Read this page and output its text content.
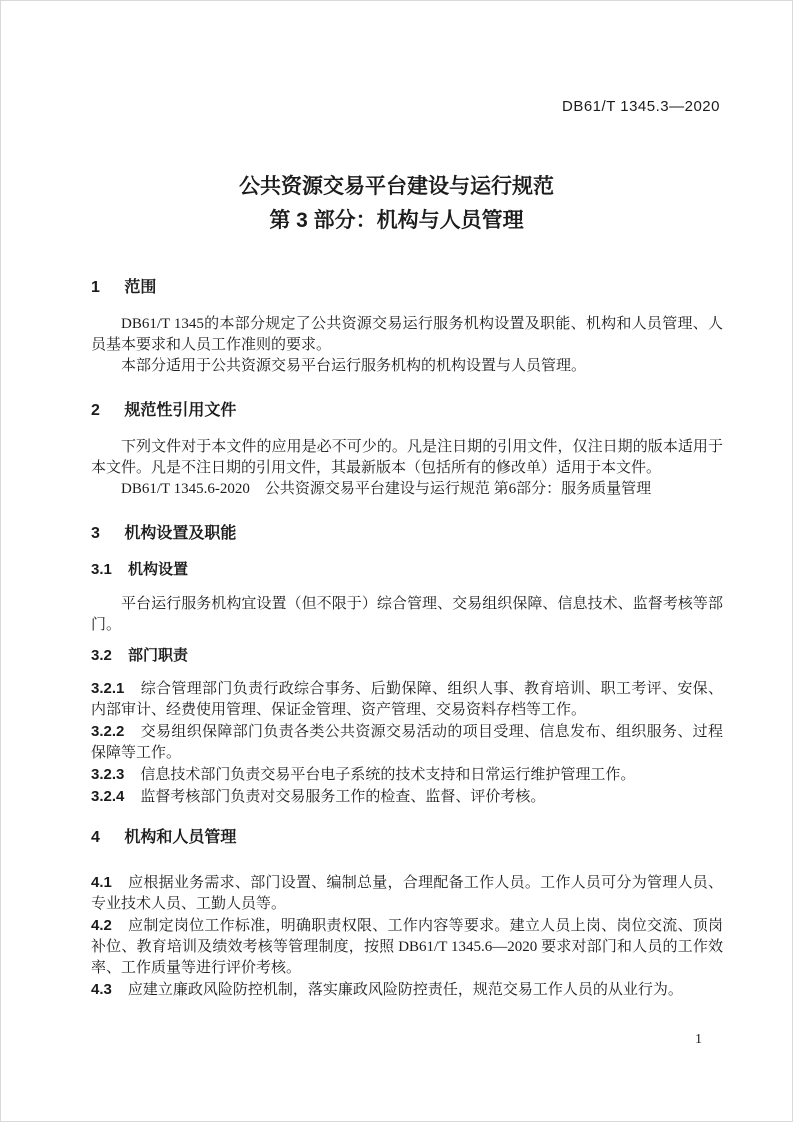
DB61/T 1345.3—2020
公共资源交易平台建设与运行规范
第 3 部分：机构与人员管理
1 范围

DB61/T 1345的本部分规定了公共资源交易运行服务机构设置及职能、机构和人员管理、人员基本要求和人员工作准则的要求。

本部分适用于公共资源交易平台运行服务机构的机构设置与人员管理。

2 规范性引用文件

下列文件对于本文件的应用是必不可少的。凡是注日期的引用文件，仅注日期的版本适用于本文件。凡是不注日期的引用文件，其最新版本（包括所有的修改单）适用于本文件。

DB61/T 1345.6-2020　公共资源交易平台建设与运行规范 第6部分：服务质量管理

3 机构设置及职能
3.1 机构设置

平台运行服务机构宜设置（但不限于）综合管理、交易组织保障、信息技术、监督考核等部门。

3.2 部门职责

3.2.1 综合管理部门负责行政综合事务、后勤保障、组织人事、教育培训、职工考评、安保、内部审计、经费使用管理、保证金管理、资产管理、交易资料存档等工作。

3.2.2 交易组织保障部门负责各类公共资源交易活动的项目受理、信息发布、组织服务、过程保障等工作。

3.2.3 信息技术部门负责交易平台电子系统的技术支持和日常运行维护管理工作。

3.2.4 监督考核部门负责对交易服务工作的检查、监督、评价考核。

4 机构和人员管理

4.1 应根据业务需求、部门设置、编制总量，合理配备工作人员。工作人员可分为管理人员、专业技术人员、工勤人员等。

4.2 应制定岗位工作标准，明确职责权限、工作内容等要求。建立人员上岗、岗位交流、顶岗补位、教育培训及绩效考核等管理制度，按照 DB61/T 1345.6—2020 要求对部门和人员的工作效率、工作质量等进行评价考核。

4.3 应建立廉政风险防控机制，落实廉政风险防控责任，规范交易工作人员的从业行为。

1
